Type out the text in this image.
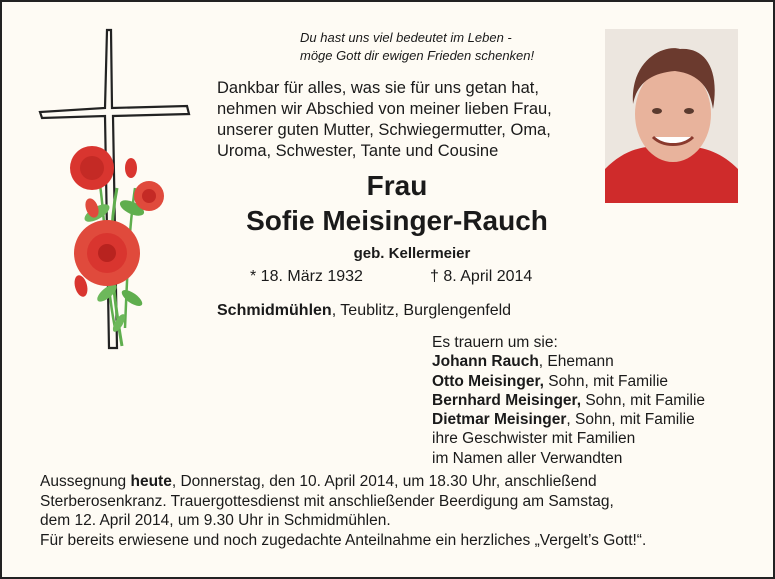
Du hast uns viel bedeutet im Leben -
möge Gott dir ewigen Frieden schenken!
Dankbar für alles, was sie für uns getan hat,
nehmen wir Abschied von meiner lieben Frau,
unserer guten Mutter, Schwiegermutter, Oma,
Uroma, Schwester, Tante und Cousine
Frau
Sofie Meisinger-Rauch
geb. Kellermeier
* 18. März 1932	† 8. April 2014
Schmidmühlen, Teublitz, Burglengenfeld
Es trauern um sie:
Johann Rauch, Ehemann
Otto Meisinger, Sohn, mit Familie
Bernhard Meisinger, Sohn, mit Familie
Dietmar Meisinger, Sohn, mit Familie
ihre Geschwister mit Familien
im Namen aller Verwandten
Aussegnung heute, Donnerstag, den 10. April 2014, um 18.30 Uhr, anschließend
Sterberosenkranz. Trauergottesdienst mit anschließender Beerdigung am Samstag,
dem 12. April 2014, um 9.30 Uhr in Schmidmühlen.
Für bereits erwiesene und noch zugedachte Anteilnahme ein herzliches „Vergelt’s Gott!“.
